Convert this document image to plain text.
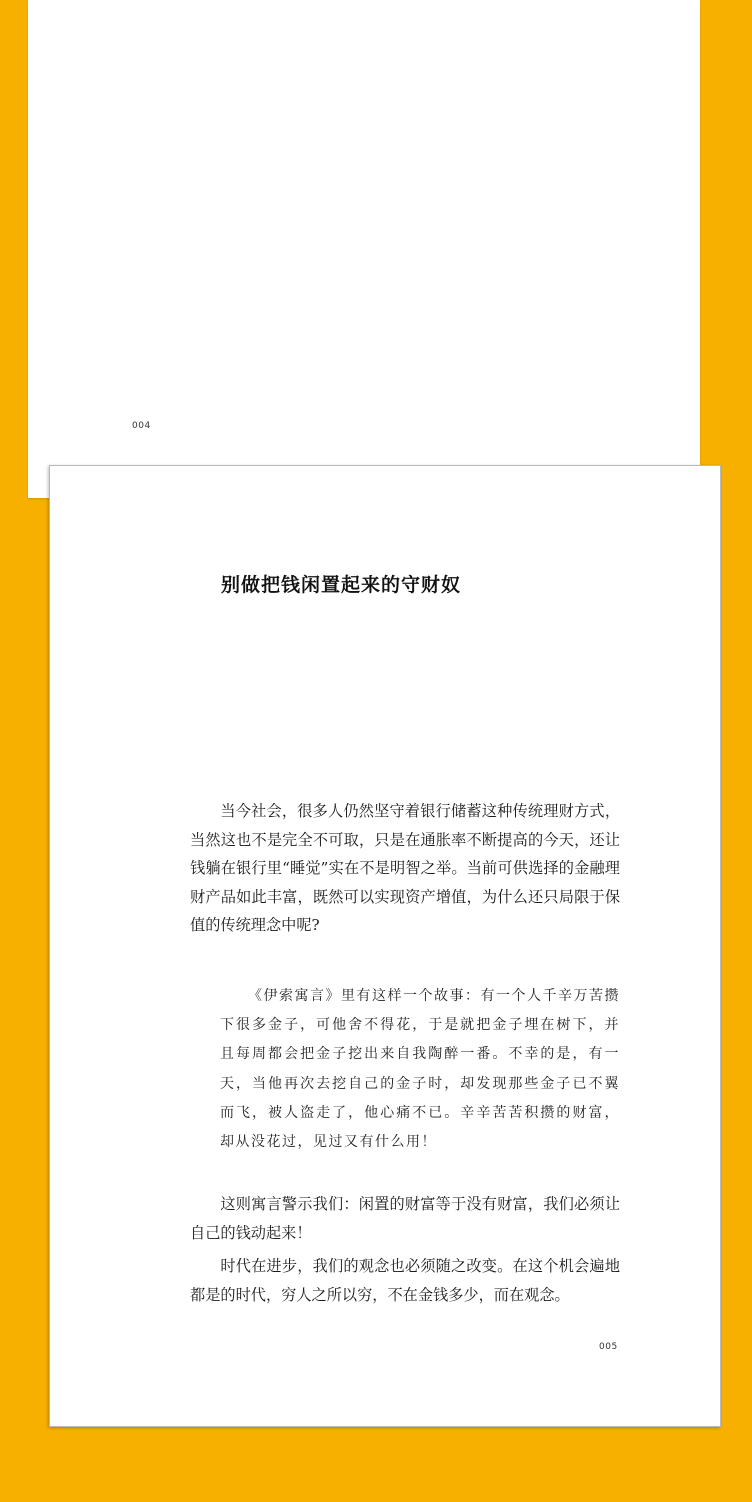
004
别做把钱闲置起来的守财奴

当今社会，很多人仍然坚守着银行储蓄这种传统理财方式，当然这也不是完全不可取，只是在通胀率不断提高的今天，还让钱躺在银行里“睡觉”实在不是明智之举。当前可供选择的金融理财产品如此丰富，既然可以实现资产增值，为什么还只局限于保值的传统理念中呢?

《伊索寓言》里有这样一个故事：有一个人千辛万苦攒下很多金子，可他舍不得花，于是就把金子埋在树下，并且每周都会把金子挖出来自我陶醉一番。不幸的是，有一天，当他再次去挖自己的金子时，却发现那些金子已不翼而飞，被人盗走了，他心痛不已。辛辛苦苦积攒的财富，却从没花过，见过又有什么用！

这则寓言警示我们：闲置的财富等于没有财富，我们必须让自己的钱动起来！

时代在进步，我们的观念也必须随之改变。在这个机会遍地都是的时代，穷人之所以穷，不在金钱多少，而在观念。

005
